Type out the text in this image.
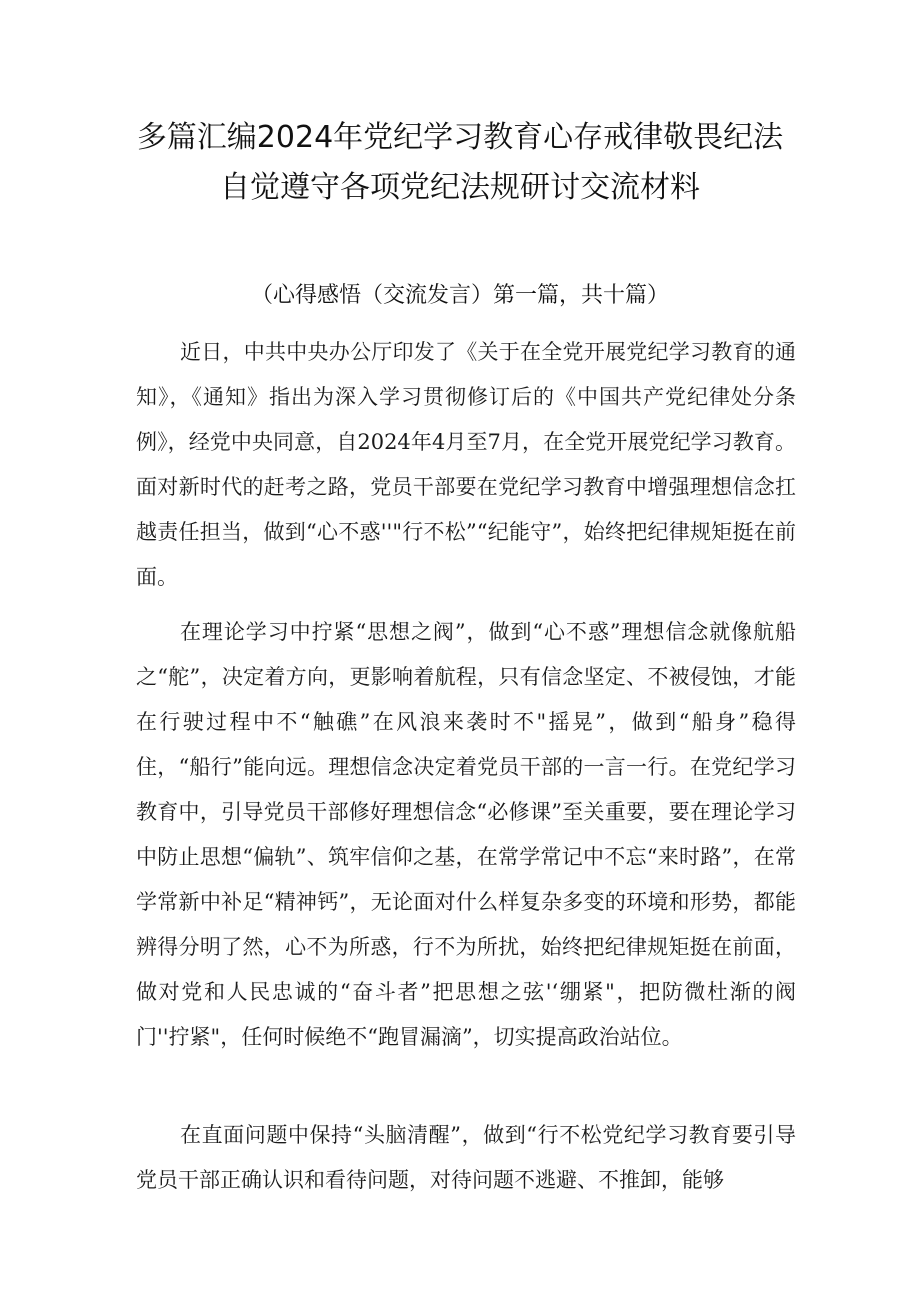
多篇汇编2024年党纪学习教育心存戒律敬畏纪法
自觉遵守各项党纪法规研讨交流材料
（心得感悟（交流发言）第一篇，共十篇）

近日，中共中央办公厅印发了《关于在全党开展党纪学习教育的通知》，《通知》指出为深入学习贯彻修订后的《中国共产党纪律处分条例》，经党中央同意，自2024年4月至7月，在全党开展党纪学习教育。面对新时代的赶考之路，党员干部要在党纪学习教育中增强理想信念扛越责任担当，做到“心不惑''"行不松”“纪能守”，始终把纪律规矩挺在前面。

在理论学习中拧紧“思想之阀”，做到“心不惑”理想信念就像航船之“舵”，决定着方向，更影响着航程，只有信念坚定、不被侵蚀，才能在行驶过程中不“触礁”在风浪来袭时不"摇晃”，做到“船身”稳得住，“船行”能向远。理想信念决定着党员干部的一言一行。在党纪学习教育中，引导党员干部修好理想信念“必修课”至关重要，要在理论学习中防止思想“偏轨”、筑牢信仰之基，在常学常记中不忘“来时路”，在常学常新中补足“精神钙”，无论面对什么样复杂多变的环境和形势，都能辨得分明了然，心不为所惑，行不为所扰，始终把纪律规矩挺在前面，做对党和人民忠诚的“奋斗者”把思想之弦'‘绷紧"，把防微杜渐的阀门''拧紧"，任何时候绝不“跑冒漏滴”，切实提高政治站位。

在直面问题中保持“头脑清醒”，做到“行不松党纪学习教育要引导党员干部正确认识和看待问题，对待问题不逃避、不推卸，能够
